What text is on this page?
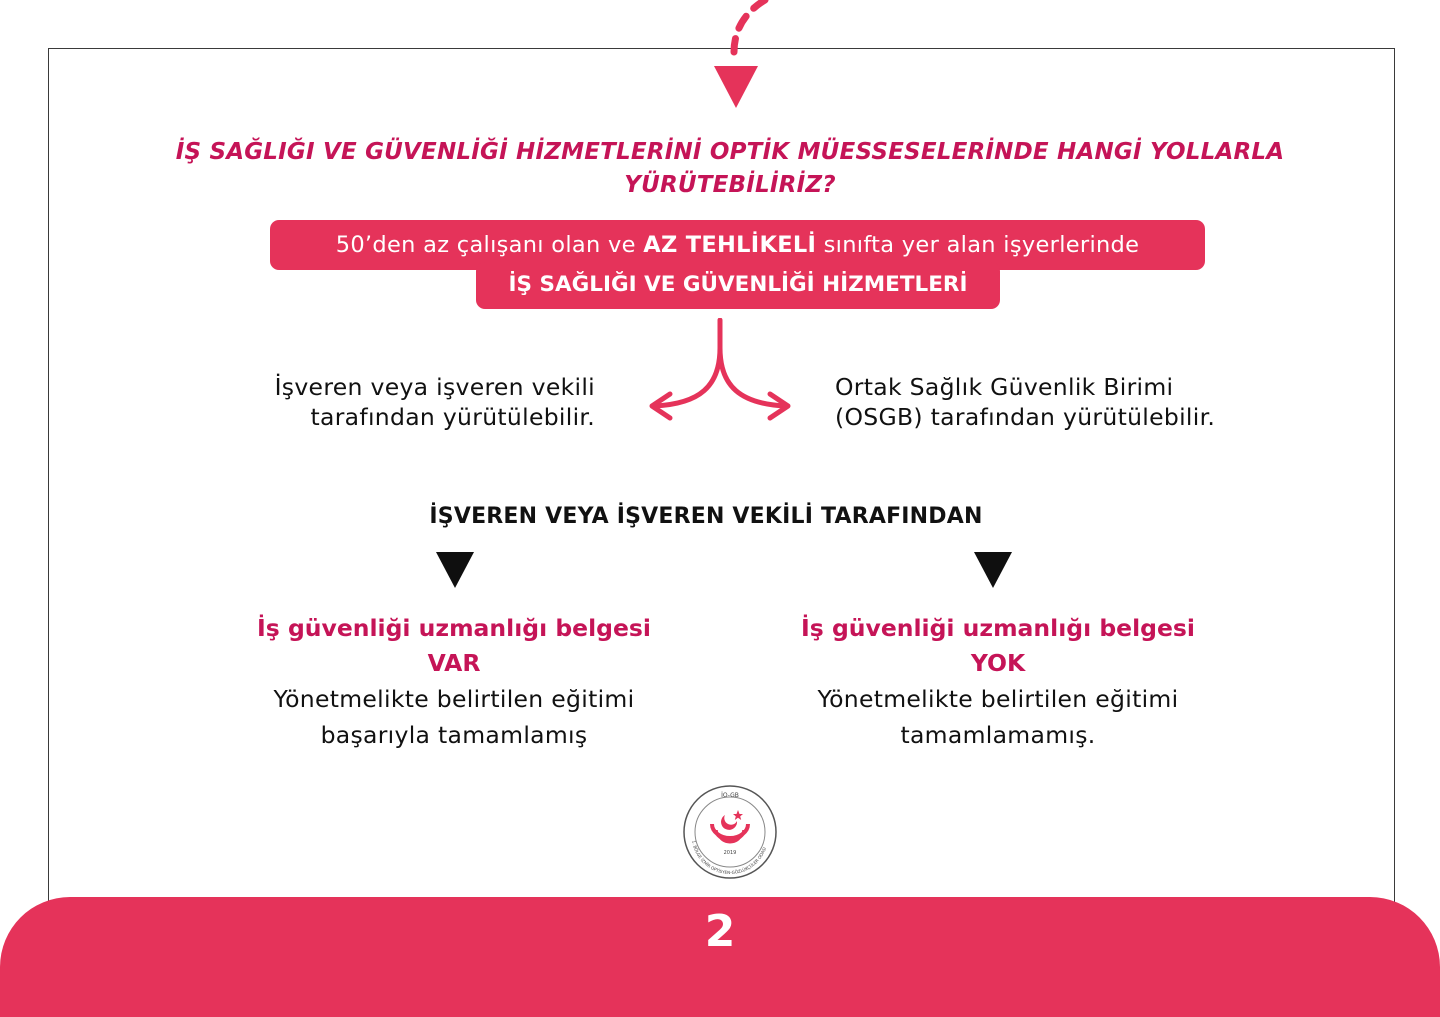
İŞ SAĞLIĞI VE GÜVENLİĞİ HİZMETLERİNİ OPTİK MÜESSESELERİNDE HANGİ YOLLARLA
YÜRÜTEBİLİRİZ?
50’den az çalışanı olan ve AZ TEHLİKELİ sınıfta yer alan işyerlerinde
İŞ SAĞLIĞI VE GÜVENLİĞİ HİZMETLERİ
İşveren veya işveren vekili
tarafından yürütülebilir.
Ortak Sağlık Güvenlik Birimi
(OSGB) tarafından yürütülebilir.
İŞVEREN VEYA İŞVEREN VEKİLİ TARAFINDAN
İş güvenliği uzmanlığı belgesi
VAR
Yönetmelikte belirtilen eğitimi
başarıyla tamamlamış
İş güvenliği uzmanlığı belgesi
YOK
Yönetmelikte belirtilen eğitimi
tamamlamamış.
İO-GB
2019
1. BÖLGE İZMİR OPTİSYEN-GÖZLÜKÇÜLER ODASI
2
